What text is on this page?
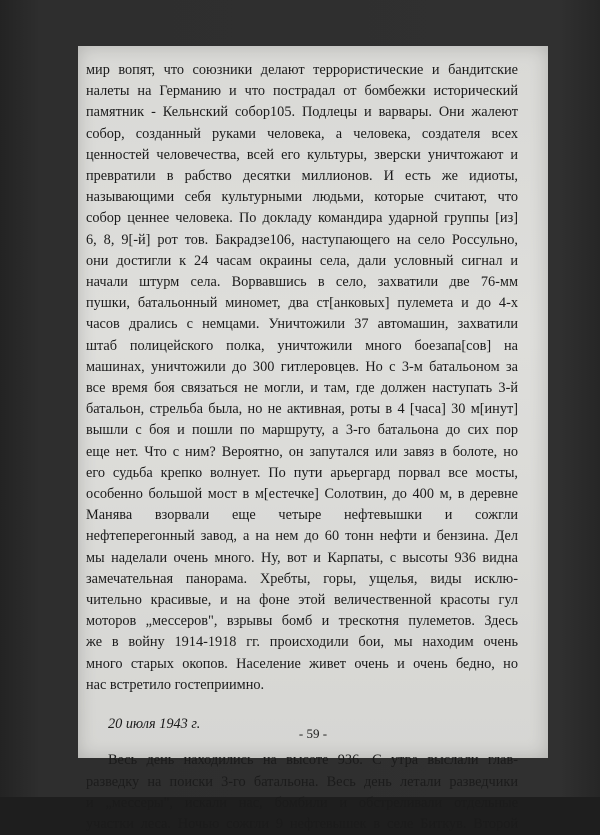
мир вопят, что союзники делают террористические и бандитские
налеты на Германию и что пострадал от бомбежки исторический
памятник - Кельнский собор105. Подлецы и варвары. Они жалеют
собор, созданный руками человека, а человека, создателя всех
ценностей человечества, всей его культуры, зверски уничтожают и
превратили в рабство десятки миллионов. И есть же идиоты,
называющими себя культурными людьми, которые считают, что
собор ценнее человека. По докладу командира ударной группы [из]
6, 8, 9[-й] рот тов. Бакрадзе106, наступающего на село Россульно,
они достигли к 24 часам окраины села, дали условный сигнал и
начали штурм села. Ворвавшись в село, захватили две 76-мм
пушки, батальонный миномет, два ст[анковых] пулемета и до 4-х
часов дрались с немцами. Уничтожили 37 автомашин, захватили
штаб полицейского полка, уничтожили много боезапа[сов] на
машинах, уничтожили до 300 гитлеровцев. Но с 3-м батальоном за
все время боя связаться не могли, и там, где должен наступать 3-й
батальон, стрельба была, но не активная, роты в 4 [часа] 30 м[инут]
вышли с боя и пошли по маршруту, а 3-го батальона до сих пор
еще нет. Что с ним? Вероятно, он запутался или завяз в болоте, но
его судьба крепко волнует. По пути арьергард порвал все мосты,
особенно большой мост в м[естечке] Солотвин, до 400 м, в деревне
Манява взорвали еще четыре нефтевышки и сожгли
нефтеперегонный завод, а на нем до 60 тонн нефти и бензина. Дел
мы наделали очень много. Ну, вот и Карпаты, с высоты 936 видна
замечательная панорама. Хребты, горы, ущелья, виды исклю-
чительно красивые, и на фоне этой величественной красоты гул
моторов „мессеров", взрывы бомб и трескотня пулеметов. Здесь
же в войну 1914-1918 гг. происходили бои, мы находим очень
много старых окопов. Население живет очень и очень бедно, но
нас встретило гостеприимно.
20 июля 1943 г.
Весь день находились на высоте 936. С утра выслали глав-
разведку на поиски 3-го батальона. Весь день летали разведчики
и „мессеры", искали нас, бомбили и обстреливали отдельные
участки леса. Ночью сожгли 9 нефтевышек в селе Биткув. Второй
- 59 -
